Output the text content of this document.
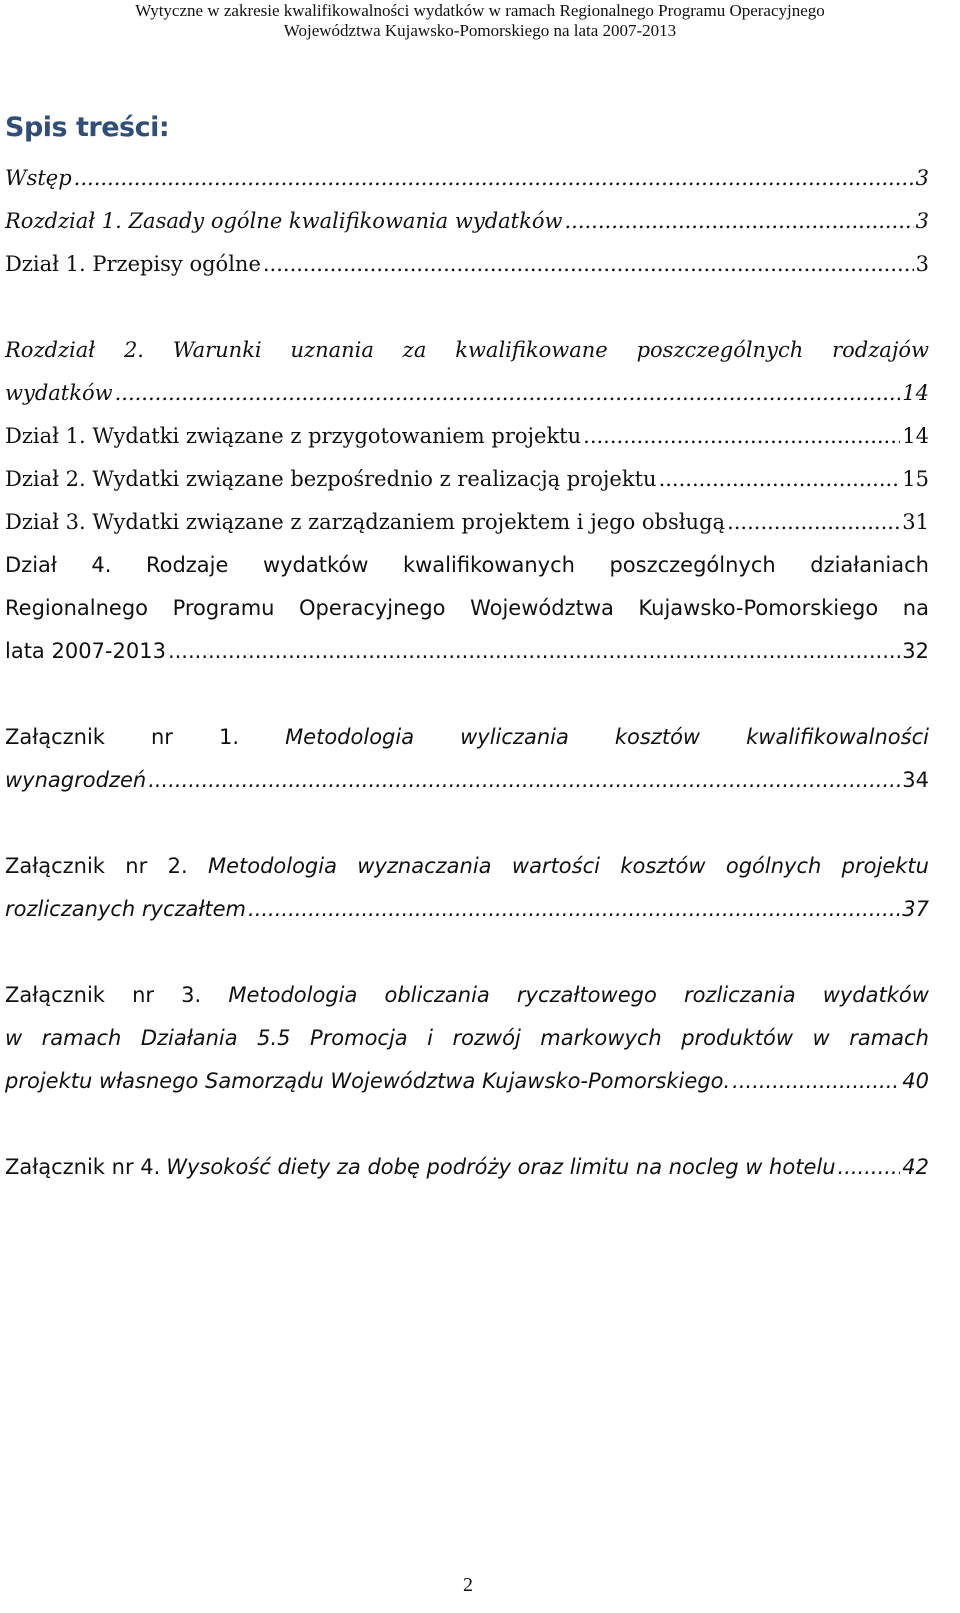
Wytyczne w zakresie kwalifikowalności wydatków w ramach Regionalnego Programu Operacyjnego
Województwa Kujawsko-Pomorskiego na lata 2007-2013
Spis treści:
Wstęp .....	3
Rozdział 1. Zasady ogólne kwalifikowania wydatków .....	3
Dział 1. Przepisy ogólne .....	3
Rozdział 2. Warunki uznania za kwalifikowane poszczególnych rodzajów
wydatków .....	14
Dział 1. Wydatki związane z przygotowaniem projektu .....	14
Dział 2. Wydatki związane bezpośrednio z realizacją projektu .....	15
Dział 3. Wydatki związane z zarządzaniem projektem i jego obsługą .....	31
Dział 4. Rodzaje wydatków kwalifikowanych poszczególnych działaniach
Regionalnego Programu Operacyjnego Województwa Kujawsko-Pomorskiego na
lata 2007-2013 .....	32
Załącznik nr 1. Metodologia wyliczania kosztów kwalifikowalności
wynagrodzeń .....	34
Załącznik nr 2. Metodologia wyznaczania wartości kosztów ogólnych projektu
rozliczanych ryczałtem .....	37
Załącznik nr 3. Metodologia obliczania ryczałtowego rozliczania wydatków
w ramach Działania 5.5 Promocja i rozwój markowych produktów w ramach
projektu własnego Samorządu Województwa Kujawsko-Pomorskiego. .....	40
Załącznik nr 4. Wysokość diety za dobę podróży oraz limitu na nocleg w hotelu .....	42
2
